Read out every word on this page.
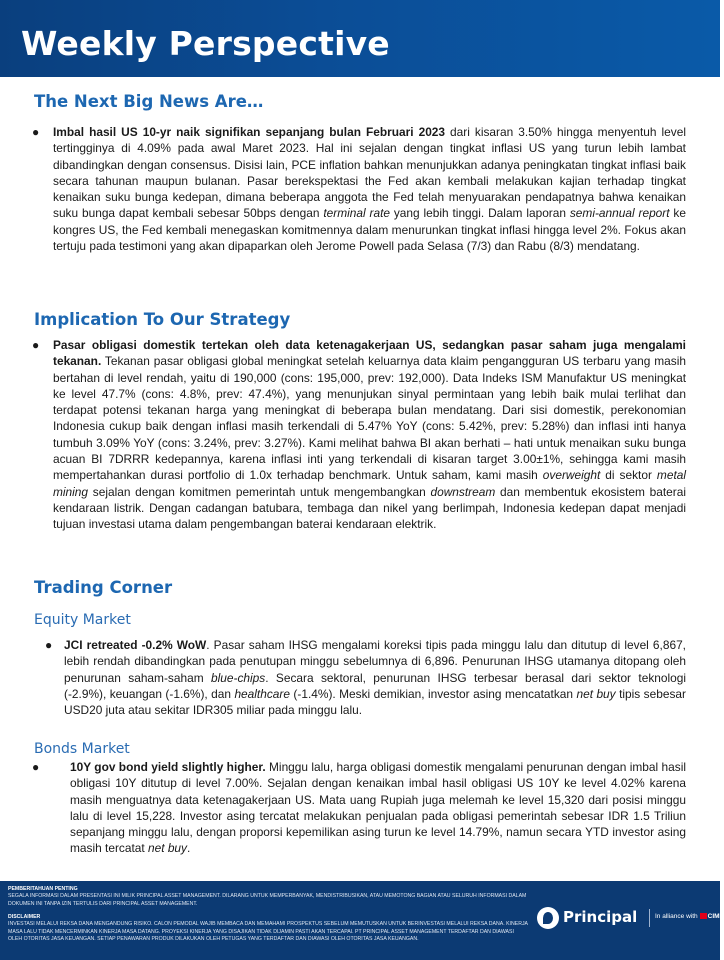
Weekly Perspective
The Next Big News Are…
● Imbal hasil US 10-yr naik signifikan sepanjang bulan Februari 2023 dari kisaran 3.50% hingga menyentuh level tertingginya di 4.09% pada awal Maret 2023. Hal ini sejalan dengan tingkat inflasi US yang turun lebih lambat dibandingkan dengan consensus. Disisi lain, PCE inflation bahkan menunjukkan adanya peningkatan tingkat inflasi baik secara tahunan maupun bulanan. Pasar berekspektasi the Fed akan kembali melakukan kajian terhadap tingkat kenaikan suku bunga kedepan, dimana beberapa anggota the Fed telah menyuarakan pendapatnya bahwa kenaikan suku bunga dapat kembali sebesar 50bps dengan terminal rate yang lebih tinggi. Dalam laporan semi-annual report ke kongres US, the Fed kembali menegaskan komitmennya dalam menurunkan tingkat inflasi hingga level 2%. Fokus akan tertuju pada testimoni yang akan dipaparkan oleh Jerome Powell pada Selasa (7/3) dan Rabu (8/3) mendatang.

Implication To Our Strategy
● Pasar obligasi domestik tertekan oleh data ketenagakerjaan US, sedangkan pasar saham juga mengalami tekanan. Tekanan pasar obligasi global meningkat setelah keluarnya data klaim pengangguran US terbaru yang masih bertahan di level rendah, yaitu di 190,000 (cons: 195,000, prev: 192,000). Data Indeks ISM Manufaktur US meningkat ke level 47.7% (cons: 4.8%, prev: 47.4%), yang menunjukan sinyal permintaan yang lebih baik mulai terlihat dan terdapat potensi tekanan harga yang meningkat di beberapa bulan mendatang. Dari sisi domestik, perekonomian Indonesia cukup baik dengan inflasi masih terkendali di 5.47% YoY (cons: 5.42%, prev: 5.28%) dan inflasi inti hanya tumbuh 3.09% YoY (cons: 3.24%, prev: 3.27%). Kami melihat bahwa BI akan berhati – hati untuk menaikan suku bunga acuan BI 7DRRR kedepannya, karena inflasi inti yang terkendali di kisaran target 3.00±1%, sehingga kami masih mempertahankan durasi portfolio di 1.0x terhadap benchmark. Untuk saham, kami masih overweight di sektor metal mining sejalan dengan komitmen pemerintah untuk mengembangkan downstream dan membentuk ekosistem baterai kendaraan listrik. Dengan cadangan batubara, tembaga dan nikel yang berlimpah, Indonesia kedepan dapat menjadi tujuan investasi utama dalam pengembangan baterai kendaraan elektrik.

Trading Corner
Equity Market
● JCI retreated -0.2% WoW. Pasar saham IHSG mengalami koreksi tipis pada minggu lalu dan ditutup di level 6,867, lebih rendah dibandingkan pada penutupan minggu sebelumnya di 6,896. Penurunan IHSG utamanya ditopang oleh penurunan saham-saham blue-chips. Secara sektoral, penurunan IHSG terbesar berasal dari sektor teknologi (-2.9%), keuangan (-1.6%), dan healthcare (-1.4%). Meski demikian, investor asing mencatatkan net buy tipis sebesar USD20 juta atau sekitar IDR305 miliar pada minggu lalu.

Bonds Market
●	10Y gov bond yield slightly higher. Minggu lalu, harga obligasi domestik mengalami penurunan dengan imbal hasil obligasi 10Y ditutup di level 7.00%. Sejalan dengan kenaikan imbal hasil obligasi US 10Y ke level 4.02% karena masih menguatnya data ketenagakerjaan US. Mata uang Rupiah juga melemah ke level 15,320 dari posisi minggu lalu di level 15,228. Investor asing tercatat melakukan penjualan pada obligasi pemerintah sebesar IDR 1.5 Triliun sepanjang minggu lalu, dengan proporsi kepemilikan asing turun ke level 14.79%, namun secara YTD investor asing masih tercatat net buy.

PEMBERITAHUAN PENTING
SEGALA INFORMASI DALAM PRESENTASI INI MILIK PRINCIPAL ASSET MANAGEMENT. DILARANG UNTUK MEMPERBANYAK, MENDISTRIBUSIKAN, ATAU MEMOTONG BAGIAN ATAU SELURUH INFORMASI DALAM DOKUMEN INI TANPA IZIN TERTULIS DARI PRINCIPAL ASSET MANAGEMENT.
DISCLAIMER
INVESTASI MELALUI REKSA DANA MENGANDUNG RISIKO. CALON PEMODAL WAJIB MEMBACA DAN MEMAHAMI PROSPEKTUS SEBELUM MEMUTUSKAN UNTUK BERINVESTASI MELALUI REKSA DANA. KINERJA MASA LALU TIDAK MENCERMINKAN KINERJA MASA DATANG. PROYEKSI KINERJA YANG DISAJIKAN TIDAK DIJAMIN PASTI AKAN TERCAPAI. PT PRINCIPAL ASSET MANAGEMENT TERDAFTAR DAN DIAWASI OLEH OTORITAS JASA KEUANGAN. SETIAP PENAWARAN PRODUK DILAKUKAN OLEH PETUGAS YANG TERDAFTAR DAN DIAWASI OLEH OTORITAS JASA KEUANGAN.
Principal	In alliance with CIMB
